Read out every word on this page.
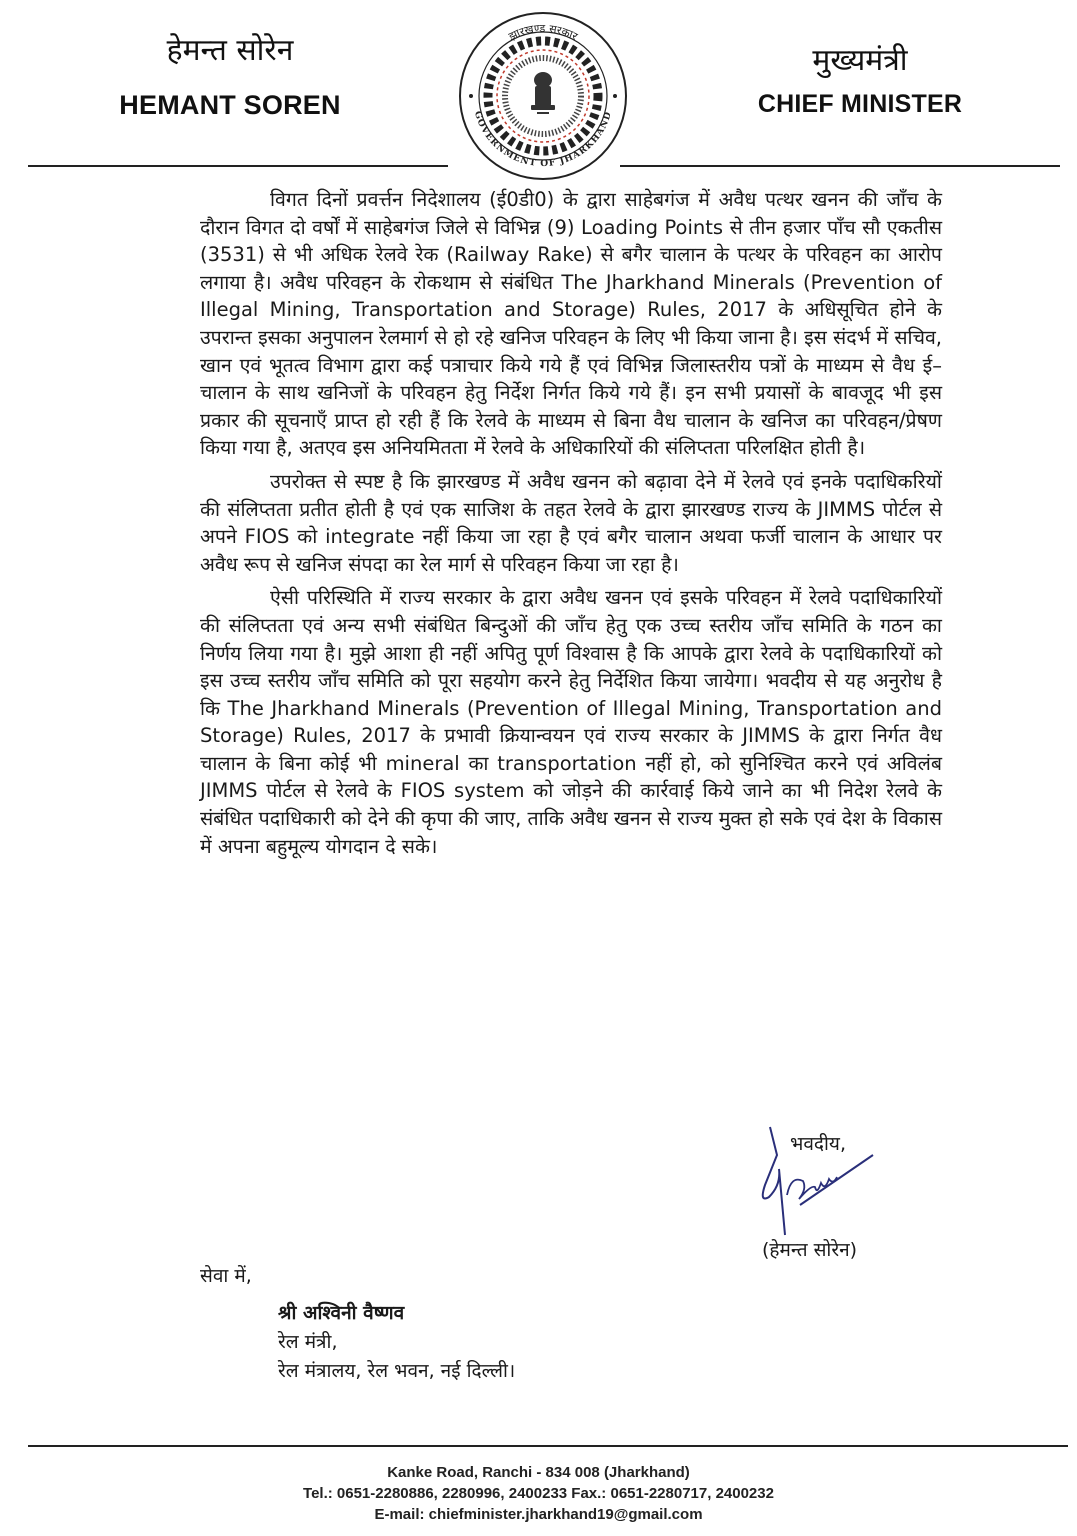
हेमन्त सोरेन
HEMANT SOREN
मुख्यमंत्री
CHIEF MINISTER
झारखण्ड सरकार
GOVERNMENT OF JHARKHAND

विगत दिनों प्रवर्त्तन निदेशालय (ई0डी0) के द्वारा साहेबगंज में अवैध पत्थर खनन की जाँच के दौरान विगत दो वर्षों में साहेबगंज जिले से विभिन्न (9) Loading Points से तीन हजार पाँच सौ एकतीस (3531) से भी अधिक रेलवे रेक (Railway Rake) से बगैर चालान के पत्थर के परिवहन का आरोप लगाया है। अवैध परिवहन के रोकथाम से संबंधित The Jharkhand Minerals (Prevention of Illegal Mining, Transportation and Storage) Rules, 2017 के अधिसूचित होने के उपरान्त इसका अनुपालन रेलमार्ग से हो रहे खनिज परिवहन के लिए भी किया जाना है। इस संदर्भ में सचिव, खान एवं भूतत्व विभाग द्वारा कई पत्राचार किये गये हैं एवं विभिन्न जिलास्तरीय पत्रों के माध्यम से वैध ई–चालान के साथ खनिजों के परिवहन हेतु निर्देश निर्गत किये गये हैं। इन सभी प्रयासों के बावजूद भी इस प्रकार की सूचनाएँ प्राप्त हो रही हैं कि रेलवे के माध्यम से बिना वैध चालान के खनिज का परिवहन/प्रेषण किया गया है, अतएव इस अनियमितता में रेलवे के अधिकारियों की संलिप्तता परिलक्षित होती है।

उपरोक्त से स्पष्ट है कि झारखण्ड में अवैध खनन को बढ़ावा देने में रेलवे एवं इनके पदाधिकरियों की संलिप्तता प्रतीत होती है एवं एक साजिश के तहत रेलवे के द्वारा झारखण्ड राज्य के JIMMS पोर्टल से अपने FIOS को integrate नहीं किया जा रहा है एवं बगैर चालान अथवा फर्जी चालान के आधार पर अवैध रूप से खनिज संपदा का रेल मार्ग से परिवहन किया जा रहा है।

ऐसी परिस्थिति में राज्य सरकार के द्वारा अवैध खनन एवं इसके परिवहन में रेलवे पदाधिकारियों की संलिप्तता एवं अन्य सभी संबंधित बिन्दुओं की जाँच हेतु एक उच्च स्तरीय जाँच समिति के गठन का निर्णय लिया गया है। मुझे आशा ही नहीं अपितु पूर्ण विश्वास है कि आपके द्वारा रेलवे के पदाधिकारियों को इस उच्च स्तरीय जाँच समिति को पूरा सहयोग करने हेतु निर्देशित किया जायेगा। भवदीय से यह अनुरोध है कि The Jharkhand Minerals (Prevention of Illegal Mining, Transportation and Storage) Rules, 2017 के प्रभावी क्रियान्वयन एवं राज्य सरकार के JIMMS के द्वारा निर्गत वैध चालान के बिना कोई भी mineral का transportation नहीं हो, को सुनिश्चित करने एवं अविलंब JIMMS पोर्टल से रेलवे के FIOS system को जोड़ने की कार्रवाई किये जाने का भी निदेश रेलवे के संबंधित पदाधिकारी को देने की कृपा की जाए, ताकि अवैध खनन से राज्य मुक्त हो सके एवं देश के विकास में अपना बहुमूल्य योगदान दे सके।

भवदीय,
(हेमन्त सोरेन)
सेवा में,
श्री अश्विनी वैष्णव
रेल मंत्री,
रेल मंत्रालय, रेल भवन, नई दिल्ली।
Kanke Road, Ranchi - 834 008 (Jharkhand)
Tel.: 0651-2280886, 2280996, 2400233 Fax.: 0651-2280717, 2400232
E-mail: chiefminister.jharkhand19@gmail.com
